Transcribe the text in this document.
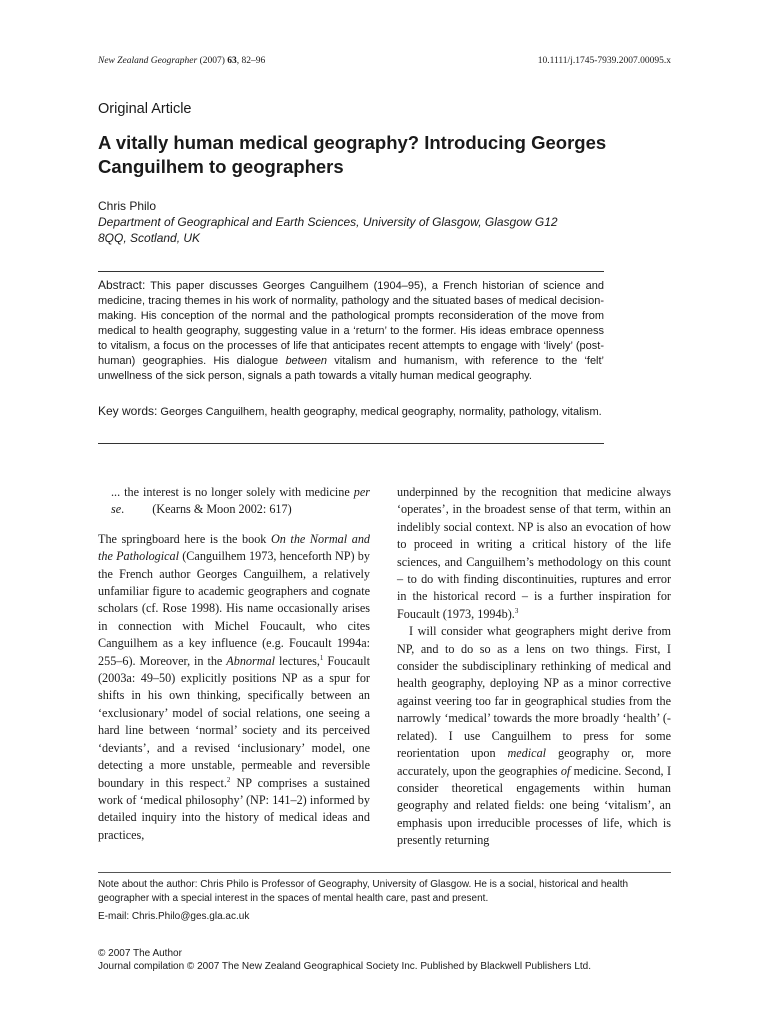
New Zealand Geographer (2007) 63, 82–96	10.1111/j.1745-7939.2007.00095.x
Original Article
A vitally human medical geography? Introducing Georges Canguilhem to geographers
Chris Philo
Department of Geographical and Earth Sciences, University of Glasgow, Glasgow G12 8QQ, Scotland, UK
Abstract: This paper discusses Georges Canguilhem (1904–95), a French historian of science and medicine, tracing themes in his work of normality, pathology and the situated bases of medical decision-making. His conception of the normal and the pathological prompts reconsideration of the move from medical to health geography, suggesting value in a ‘return’ to the former. His ideas embrace openness to vitalism, a focus on the processes of life that anticipates recent attempts to engage with ‘lively’ (post-human) geographies. His dialogue between vitalism and humanism, with reference to the ‘felt’ unwellness of the sick person, signals a path towards a vitally human medical geography.
Key words: Georges Canguilhem, health geography, medical geography, normality, pathology, vitalism.

... the interest is no longer solely with medicine per se. (Kearns & Moon 2002: 617)

The springboard here is the book On the Normal and the Pathological (Canguilhem 1973, henceforth NP) by the French author Georges Canguilhem, a relatively unfamiliar figure to academic geographers and cognate scholars (cf. Rose 1998). His name occasionally arises in connection with Michel Foucault, who cites Canguilhem as a key influence (e.g. Foucault 1994a: 255–6). Moreover, in the Abnormal lectures,$^1$ Foucault (2003a: 49–50) explicitly positions NP as a spur for shifts in his own thinking, specifically between an ‘exclusionary’ model of social relations, one seeing a hard line between ‘normal’ society and its perceived ‘deviants’, and a revised ‘inclusionary’ model, one detecting a more unstable, permeable and reversible boundary in this respect.$^2$ NP comprises a sustained work of ‘medical philosophy’ (NP: 141–2) informed by detailed inquiry into the history of medical ideas and practices,

underpinned by the recognition that medicine always ‘operates’, in the broadest sense of that term, within an indelibly social context. NP is also an evocation of how to proceed in writing a critical history of the life sciences, and Canguilhem’s methodology on this count – to do with finding discontinuities, ruptures and error in the historical record – is a further inspiration for Foucault (1973, 1994b).$^3$

I will consider what geographers might derive from NP, and to do so as a lens on two things. First, I consider the subdisciplinary rethinking of medical and health geography, deploying NP as a minor corrective against veering too far in geographical studies from the narrowly ‘medical’ towards the more broadly ‘health’ (-related). I use Canguilhem to press for some reorientation upon medical geography or, more accurately, upon the geographies of medicine. Second, I consider theoretical engagements within human geography and related fields: one being ‘vitalism’, an emphasis upon irreducible processes of life, which is presently returning

Note about the author: Chris Philo is Professor of Geography, University of Glasgow. He is a social, historical and health geographer with a special interest in the spaces of mental health care, past and present.
E-mail: Chris.Philo@ges.gla.ac.uk
© 2007 The Author
Journal compilation © 2007 The New Zealand Geographical Society Inc. Published by Blackwell Publishers Ltd.
